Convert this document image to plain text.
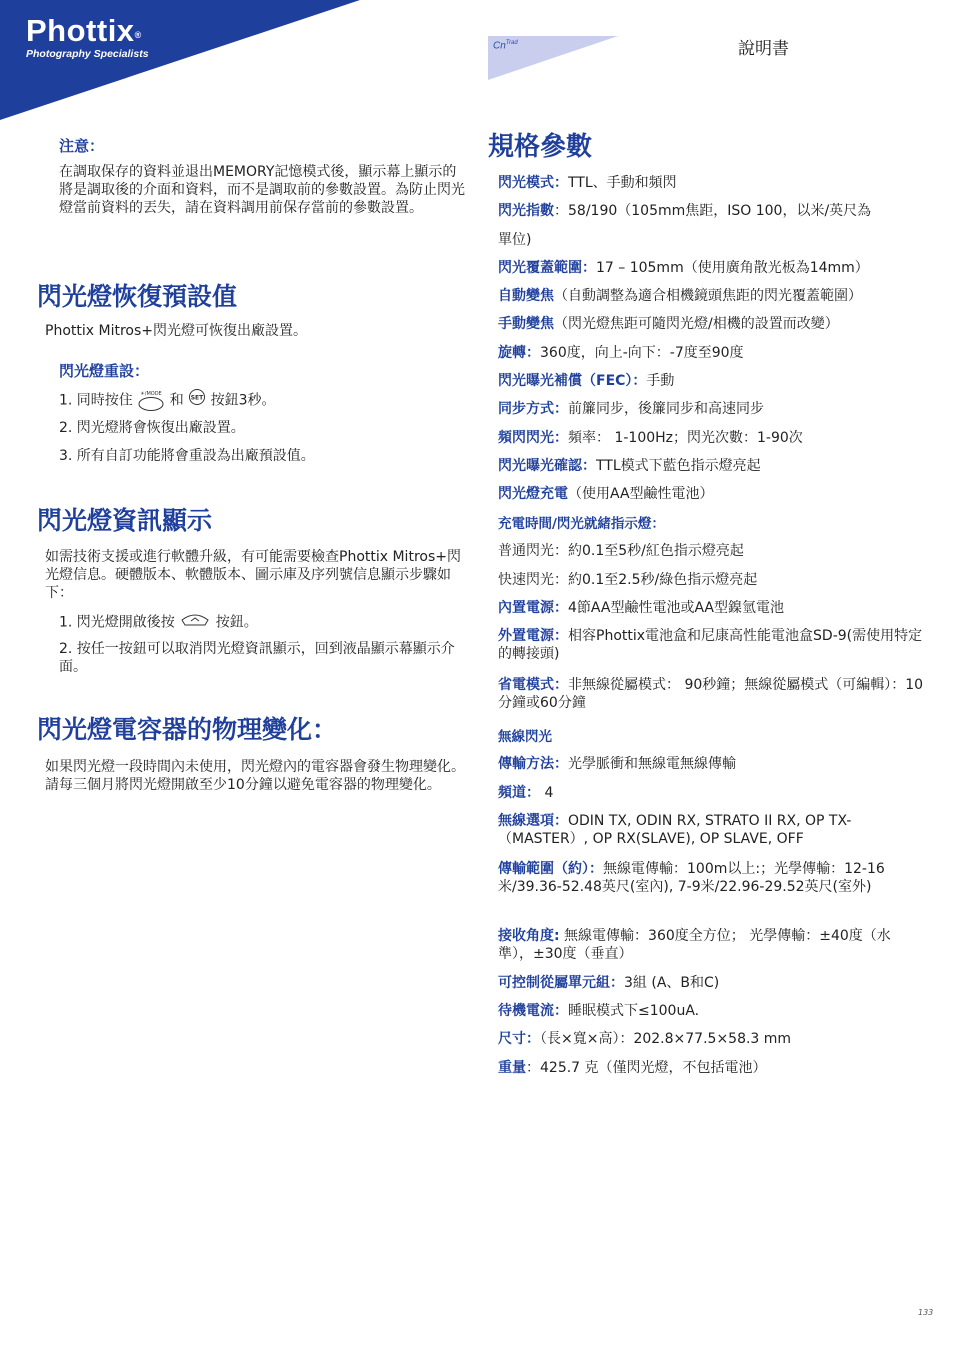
Phottix®
Photography Specialists
$Cn^{Trad}$	說明書
注意：

在調取保存的資料並退出MEMORY記憶模式後，顯示幕上顯示的將是調取後的介面和資料，而不是調取前的參數設置。為防止閃光燈當前資料的丟失，請在資料調用前保存當前的參數設置。

閃光燈恢復預設值

Phottix Mitros+閃光燈可恢復出廠設置。

閃光燈重設：
1. 同時按住 ☀/MODE 和 SET 按鈕3秒。

2. 閃光燈將會恢復出廠設置。

3. 所有自訂功能將會重設為出廠預設值。

閃光燈資訊顯示

如需技術支援或進行軟體升級，有可能需要檢查Phottix Mitros+閃光燈信息。硬體版本、軟體版本、圖示庫及序列號信息顯示步驟如下：

1. 閃光燈開啟後按	按鈕。

2. 按任一按鈕可以取消閃光燈資訊顯示，回到液晶顯示幕顯示介面。

閃光燈電容器的物理變化：

如果閃光燈一段時間內未使用，閃光燈內的電容器會發生物理變化。請每三個月將閃光燈開啟至少10分鐘以避免電容器的物理變化。

規格參數
閃光模式：TTL、手動和頻閃
閃光指數：58/190（105mm焦距，ISO 100，以米/英尺為
單位)
閃光覆蓋範圍：17 – 105mm（使用廣角散光板為14mm）
自動變焦（自動調整為適合相機鏡頭焦距的閃光覆蓋範圍）
手動變焦（閃光燈焦距可隨閃光燈/相機的設置而改變）
旋轉：360度，向上-向下：-7度至90度
閃光曝光補償（FEC）：手動
同步方式：前簾同步，後簾同步和高速同步
頻閃閃光：頻率： 1-100Hz；閃光次數：1-90次
閃光曝光確認：TTL模式下藍色指示燈亮起
閃光燈充電（使用AA型鹼性電池）
充電時間/閃光就緒指示燈：
普通閃光：約0.1至5秒/紅色指示燈亮起
快速閃光：約0.1至2.5秒/綠色指示燈亮起
內置電源：4節AA型鹼性電池或AA型鎳氫電池
外置電源：相容Phottix電池盒和尼康高性能電池盒SD-9(需使用特定的轉接頭)
省電模式：非無線從屬模式： 90秒鐘；無線從屬模式（可編輯）：10分鐘或60分鐘
無線閃光
傳輸方法：光學脈衝和無線電無線傳輸
頻道： 4
無線選項：ODIN TX, ODIN RX, STRATO II RX, OP TX-（MASTER）, OP RX(SLAVE), OP SLAVE, OFF
傳輸範圍（約）：無線電傳輸：100m以上:；光學傳輸：12-16米/39.36-52.48英尺(室內), 7-9米/22.96-29.52英尺(室外)
接收角度: 無線電傳輸：360度全方位； 光學傳輸：±40度（水準），±30度（垂直）
可控制從屬單元組：3組 (A、B和C)
待機電流：睡眠模式下≤100uA.
尺寸：（長×寬×高）：202.8×77.5×58.3 mm
重量：425.7 克（僅閃光燈，不包括電池）
133
